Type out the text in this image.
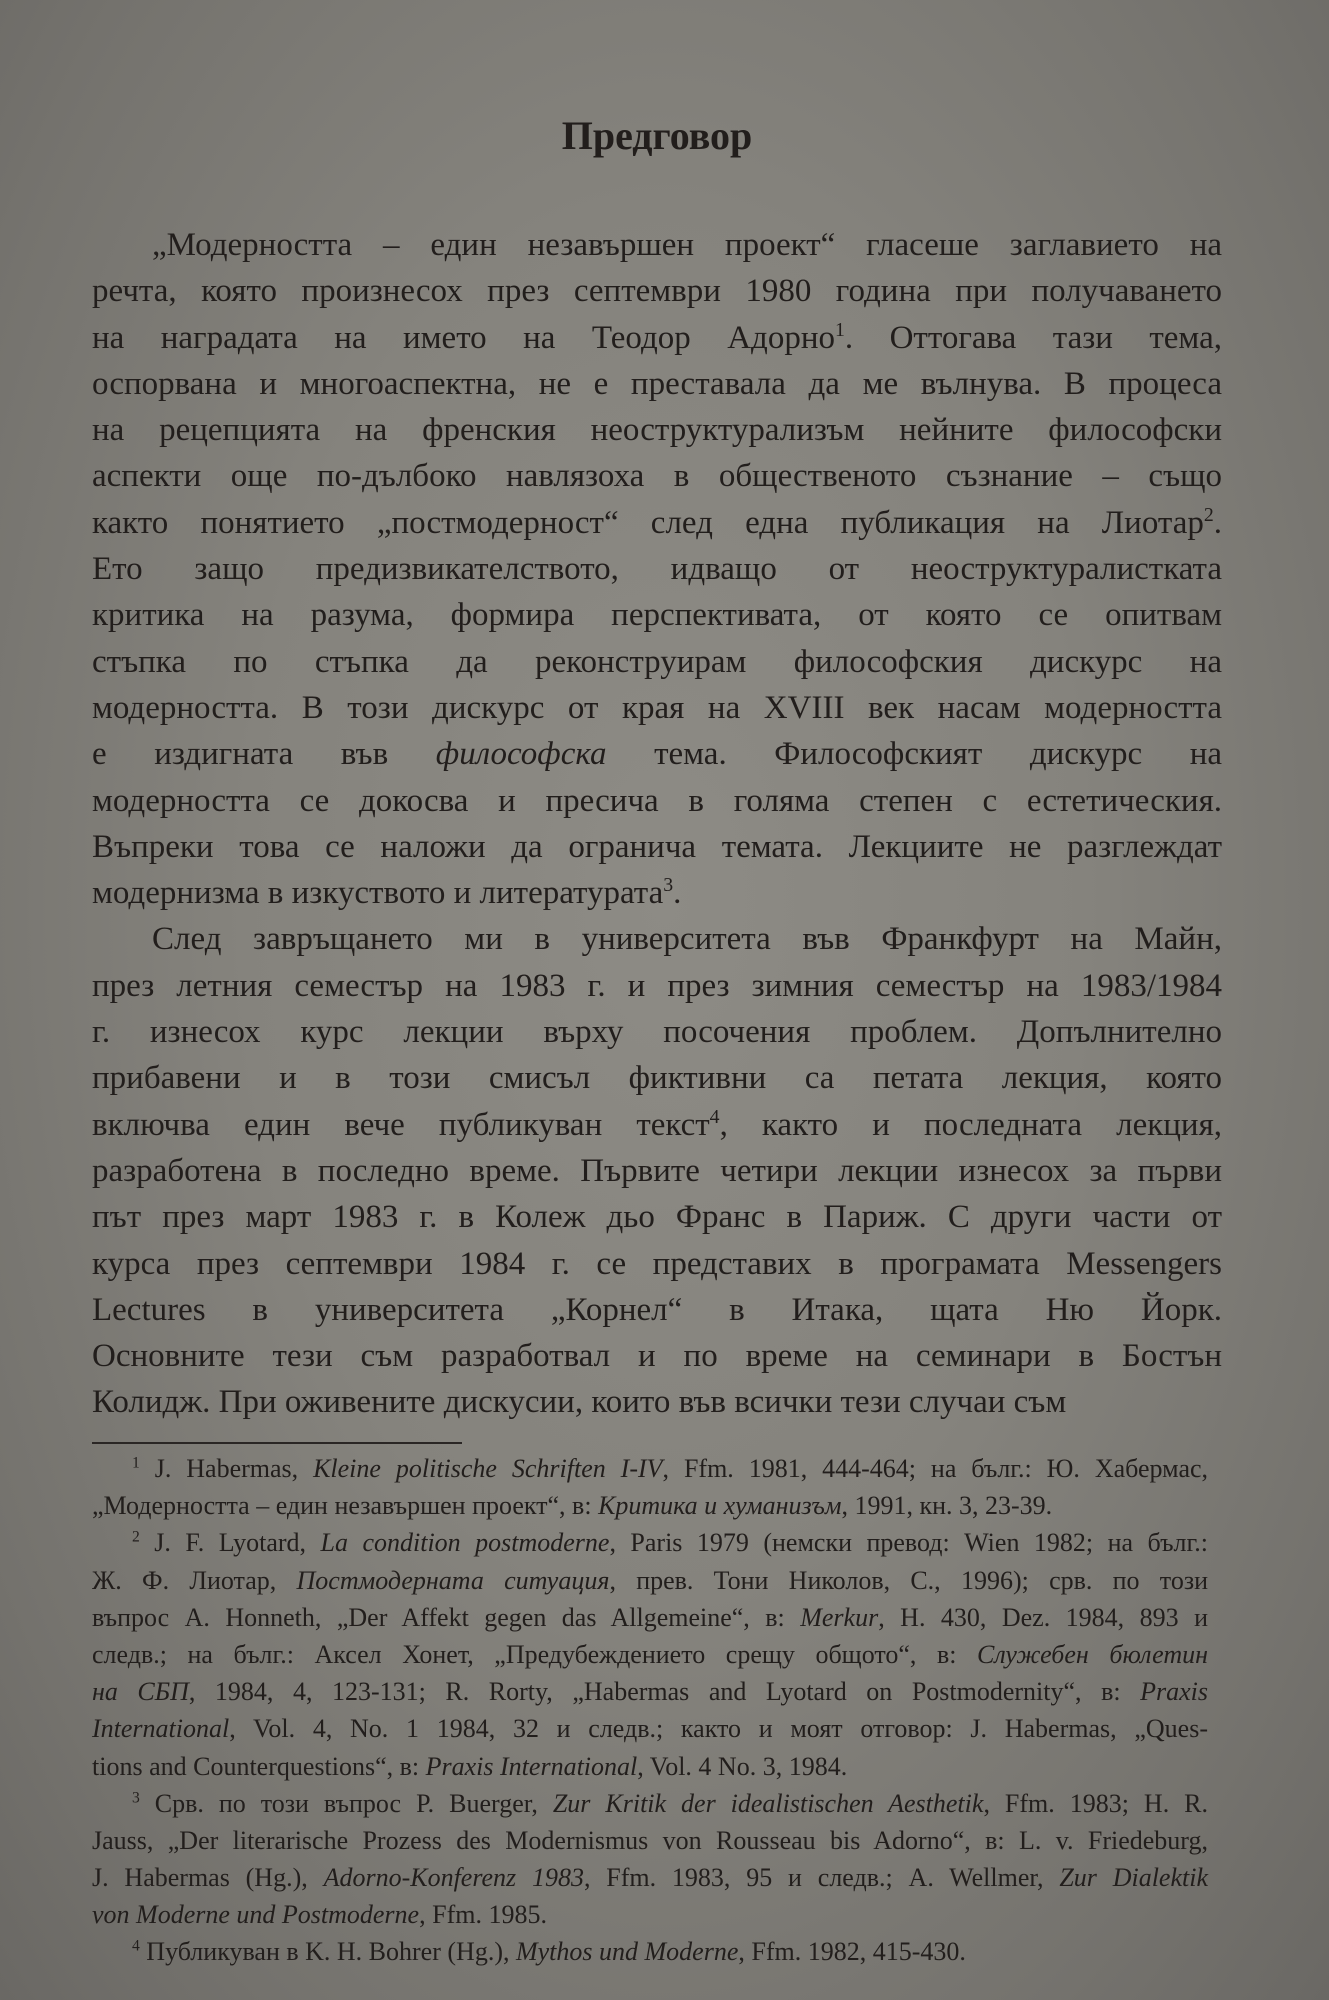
Предговор
„Модерността – един незавършен проект“ гласеше заглавието на
речта, която произнесох през септември 1980 година при получаването
на наградата на името на Теодор Адорно$^1$. Оттогава тази тема,
оспорвана и многоаспектна, не е преставала да ме вълнува. В процеса
на рецепцията на френския неоструктурализъм нейните философски
аспекти още по-дълбоко навлязоха в общественото съзнание – също
както понятието „постмодерност“ след една публикация на Лиотар$^2$.
Ето защо предизвикателството, идващо от неоструктуралистката
критика на разума, формира перспективата, от която се опитвам
стъпка по стъпка да реконструирам философския дискурс на
модерността. В този дискурс от края на XVIII век насам модерността
е издигната във философска тема. Философският дискурс на
модерността се докосва и пресича в голяма степен с естетическия.
Въпреки това се наложи да огранича темата. Лекциите не разглеждат
модернизма в изкуството и литературата$^3$.
След завръщането ми в университета във Франкфурт на Майн,
през летния семестър на 1983 г. и през зимния семестър на 1983/1984
г. изнесох курс лекции върху посочения проблем. Допълнително
прибавени и в този смисъл фиктивни са петата лекция, която
включва един вече публикуван текст$^4$, както и последната лекция,
разработена в последно време. Първите четири лекции изнесох за първи
път през март 1983 г. в Колеж дьо Франс в Париж. С други части от
курса през септември 1984 г. се представих в програмата Messengers
Lectures в университета „Корнел“ в Итака, щата Ню Йорк.
Основните тези съм разработвал и по време на семинари в Бостън
Колидж. При оживените дискусии, които във всички тези случаи съм
$^1$ J. Habermas, Kleine politische Schriften I-IV, Ffm. 1981, 444-464; на бълг.: Ю. Хабермас,
„Модерността – един незавършен проект“, в: Критика и хуманизъм, 1991, кн. 3, 23-39.
$^2$ J. F. Lyotard, La condition postmoderne, Paris 1979 (немски превод: Wien 1982; на бълг.:
Ж. Ф. Лиотар, Постмодерната ситуация, прев. Тони Николов, С., 1996); срв. по този
въпрос A. Honneth, „Der Affekt gegen das Allgemeine“, в: Merkur, H. 430, Dez. 1984, 893 и
следв.; на бълг.: Аксел Хонет, „Предубеждението срещу общото“, в: Служебен бюлетин
на СБП, 1984, 4, 123-131; R. Rorty, „Habermas and Lyotard on Postmodernity“, в: Praxis
International, Vol. 4, No. 1 1984, 32 и следв.; както и моят отговор: J. Habermas, „Ques-
tions and Counterquestions“, в: Praxis International, Vol. 4 No. 3, 1984.
$^3$ Срв. по този въпрос P. Buerger, Zur Kritik der idealistischen Aesthetik, Ffm. 1983; H. R.
Jauss, „Der literarische Prozess des Modernismus von Rousseau bis Adorno“, в: L. v. Friedeburg,
J. Habermas (Hg.), Adorno-Konferenz 1983, Ffm. 1983, 95 и следв.; A. Wellmer, Zur Dialektik
von Moderne und Postmoderne, Ffm. 1985.
$^4$ Публикуван в K. H. Bohrer (Hg.), Mythos und Moderne, Ffm. 1982, 415-430.
